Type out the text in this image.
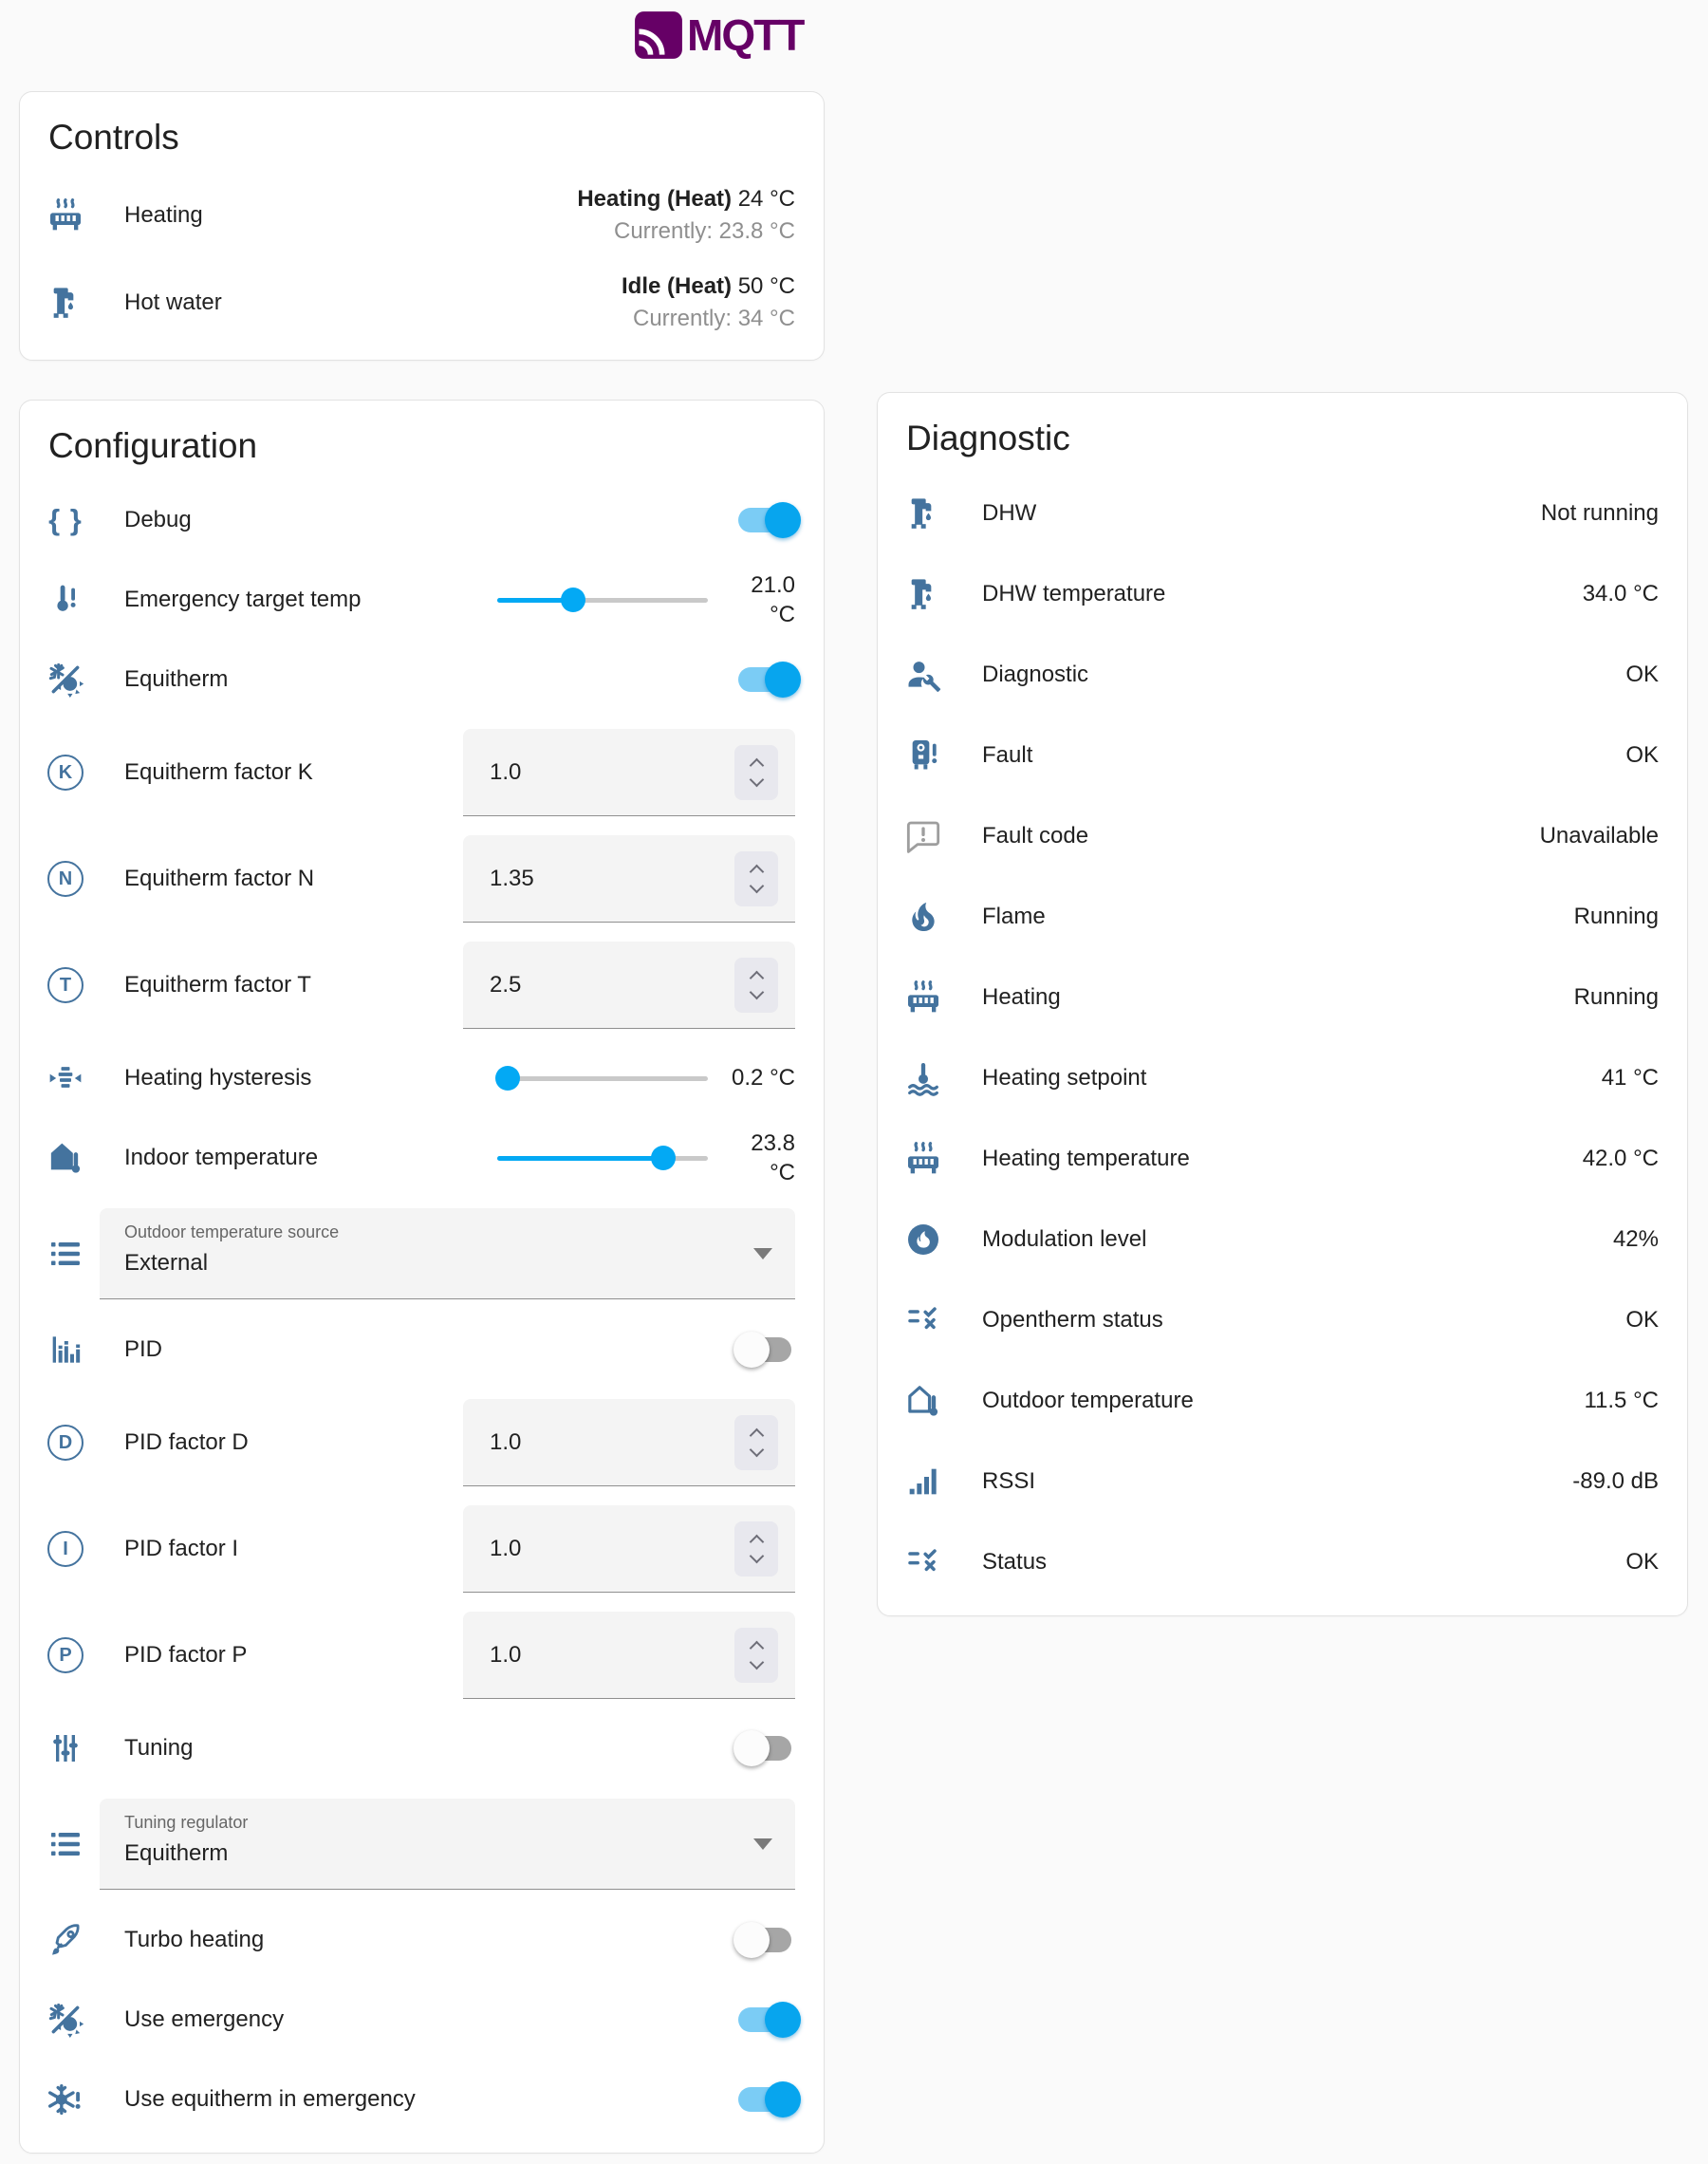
MQTT
Controls
Heating
Heating (Heat) 24 °C
Currently: 23.8 °C
Hot water
Idle (Heat) 50 °C
Currently: 34 °C
Configuration
{ } Debug
Emergency target temp
21.0 °C
Equitherm
K	Equitherm factor K	1.0
N	Equitherm factor N	1.35
T	Equitherm factor T	2.5
Heating hysteresis	0.2 °C
Indoor temperature
23.8 °C
Outdoor temperature source
External
PID
D	PID factor D	1.0
I	PID factor I	1.0
P	PID factor P	1.0
Tuning
Tuning regulator
Equitherm
Turbo heating
Use emergency
Use equitherm in emergency
Diagnostic
DHW	Not running
DHW temperature	34.0 °C
Diagnostic	OK
Fault	OK
Fault code	Unavailable
Flame	Running
Heating	Running
Heating setpoint	41 °C
Heating temperature	42.0 °C
Modulation level	42%
Opentherm status	OK
Outdoor temperature	11.5 °C
RSSI	-89.0 dB
Status	OK
